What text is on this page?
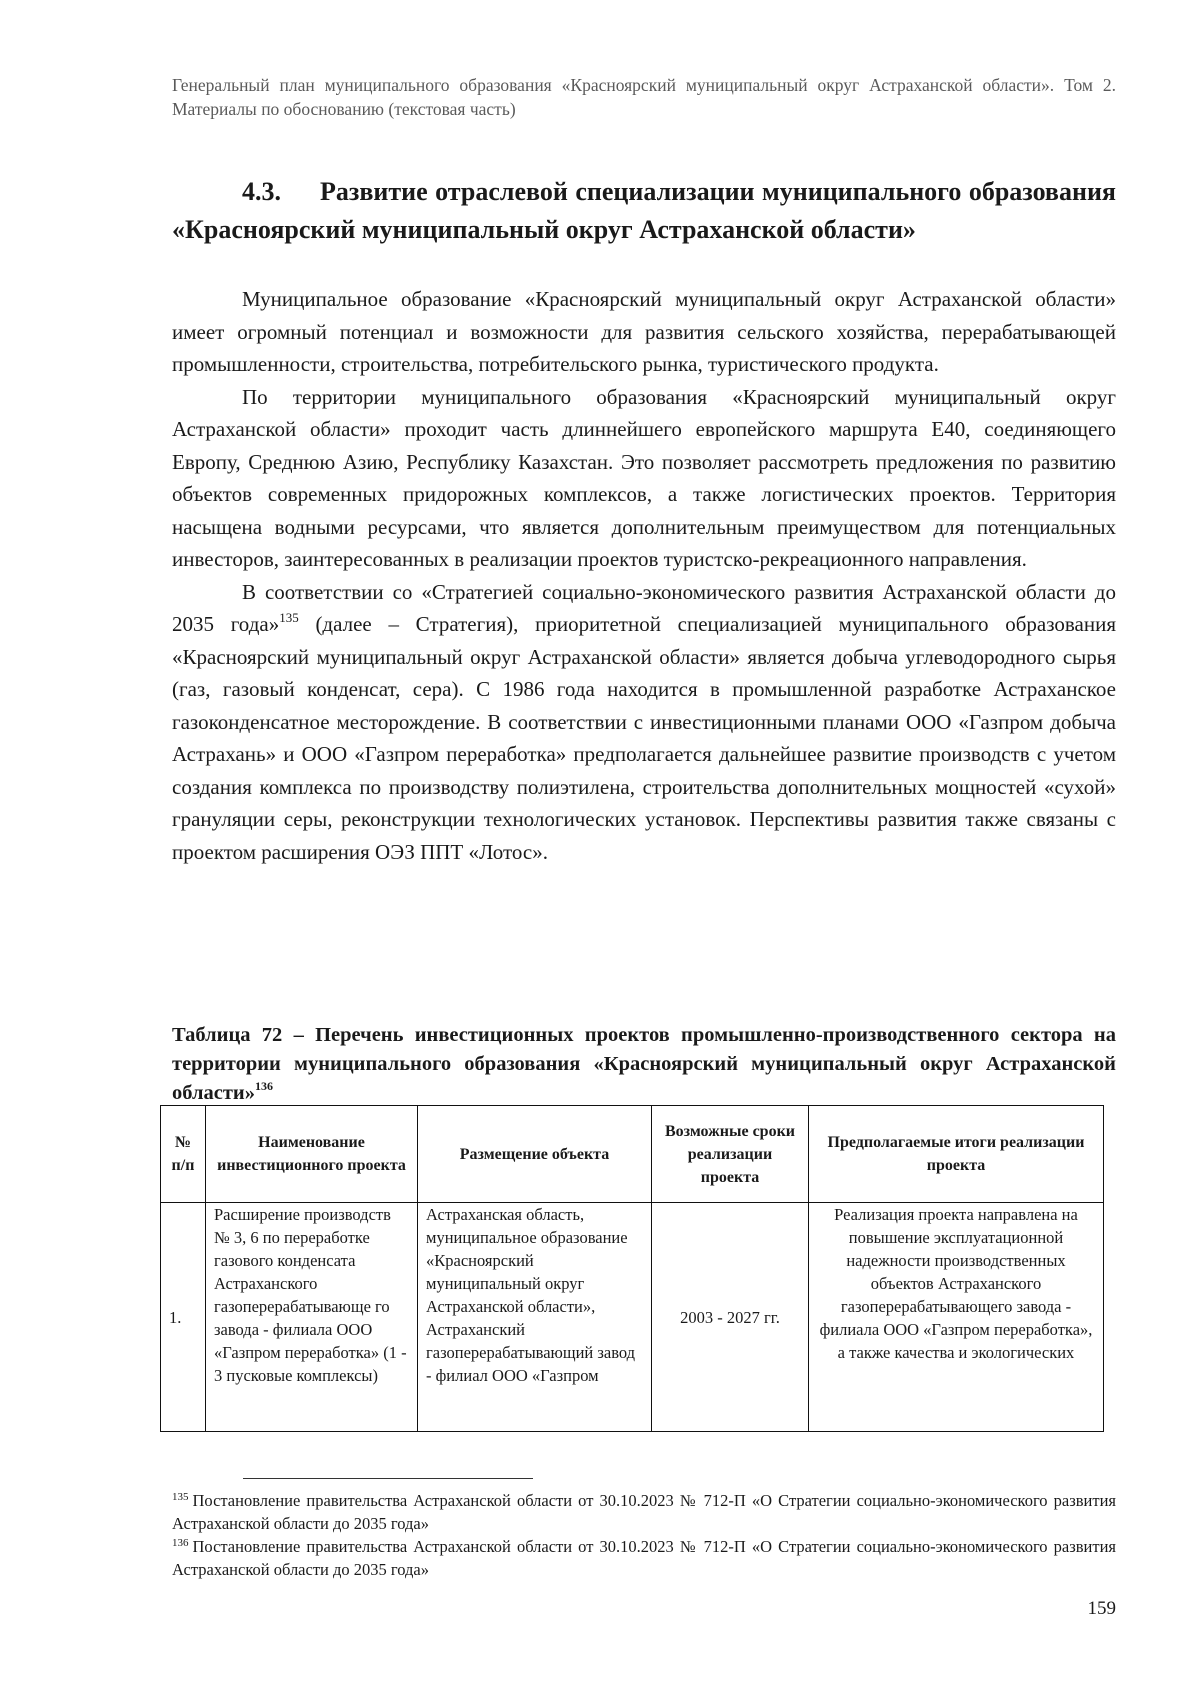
Генеральный план муниципального образования «Красноярский муниципальный округ Астраханской области». Том 2. Материалы по обоснованию (текстовая часть)
4.3. Развитие отраслевой специализации муниципального образования «Красноярский муниципальный округ Астраханской области»

Муниципальное образование «Красноярский муниципальный округ Астраханской области» имеет огромный потенциал и возможности для развития сельского хозяйства, перерабатывающей промышленности, строительства, потребительского рынка, туристического продукта.

По территории муниципального образования «Красноярский муниципальный округ Астраханской области» проходит часть длиннейшего европейского маршрута Е40, соединяющего Европу, Среднюю Азию, Республику Казахстан. Это позволяет рассмотреть предложения по развитию объектов современных придорожных комплексов, а также логистических проектов. Территория насыщена водными ресурсами, что является дополнительным преимуществом для потенциальных инвесторов, заинтересованных в реализации проектов туристско-рекреационного направления.

В соответствии со «Стратегией социально-экономического развития Астраханской области до 2035 года»$^{135}$ (далее – Стратегия), приоритетной специализацией муниципального образования «Красноярский муниципальный округ Астраханской области» является добыча углеводородного сырья (газ, газовый конденсат, сера). С 1986 года находится в промышленной разработке Астраханское газоконденсатное месторождение. В соответствии с инвестиционными планами ООО «Газпром добыча Астрахань» и ООО «Газпром переработка» предполагается дальнейшее развитие производств с учетом создания комплекса по производству полиэтилена, строительства дополнительных мощностей «сухой» грануляции серы, реконструкции технологических установок. Перспективы развития также связаны с проектом расширения ОЭЗ ППТ «Лотос».

Таблица 72 – Перечень инвестиционных проектов промышленно-производственного сектора на территории муниципального образования «Красноярский муниципальный округ Астраханской области»$^{136}$
№ п/п	Наименование инвестиционного проекта	Размещение объекта	Возможные сроки реализации проекта	Предполагаемые итоги реализации проекта
1.	Расширение производств № 3, 6 по переработке газового конденсата Астраханского газоперерабатывающе го завода - филиала ООО «Газпром переработка» (1 - 3 пусковые комплексы)	Астраханская область, муниципальное образование «Красноярский муниципальный округ Астраханской области», Астраханский газоперерабатывающий завод - филиал ООО «Газпром	2003 - 2027 гг.	Реализация проекта направлена на повышение эксплуатационной надежности производственных объектов Астраханского газоперерабатывающего завода - филиала ООО «Газпром переработка», а также качества и экологических

$^{135}$ Постановление правительства Астраханской области от 30.10.2023 № 712-П «О Стратегии социально-экономического развития Астраханской области до 2035 года»

$^{136}$ Постановление правительства Астраханской области от 30.10.2023 № 712-П «О Стратегии социально-экономического развития Астраханской области до 2035 года»

159
